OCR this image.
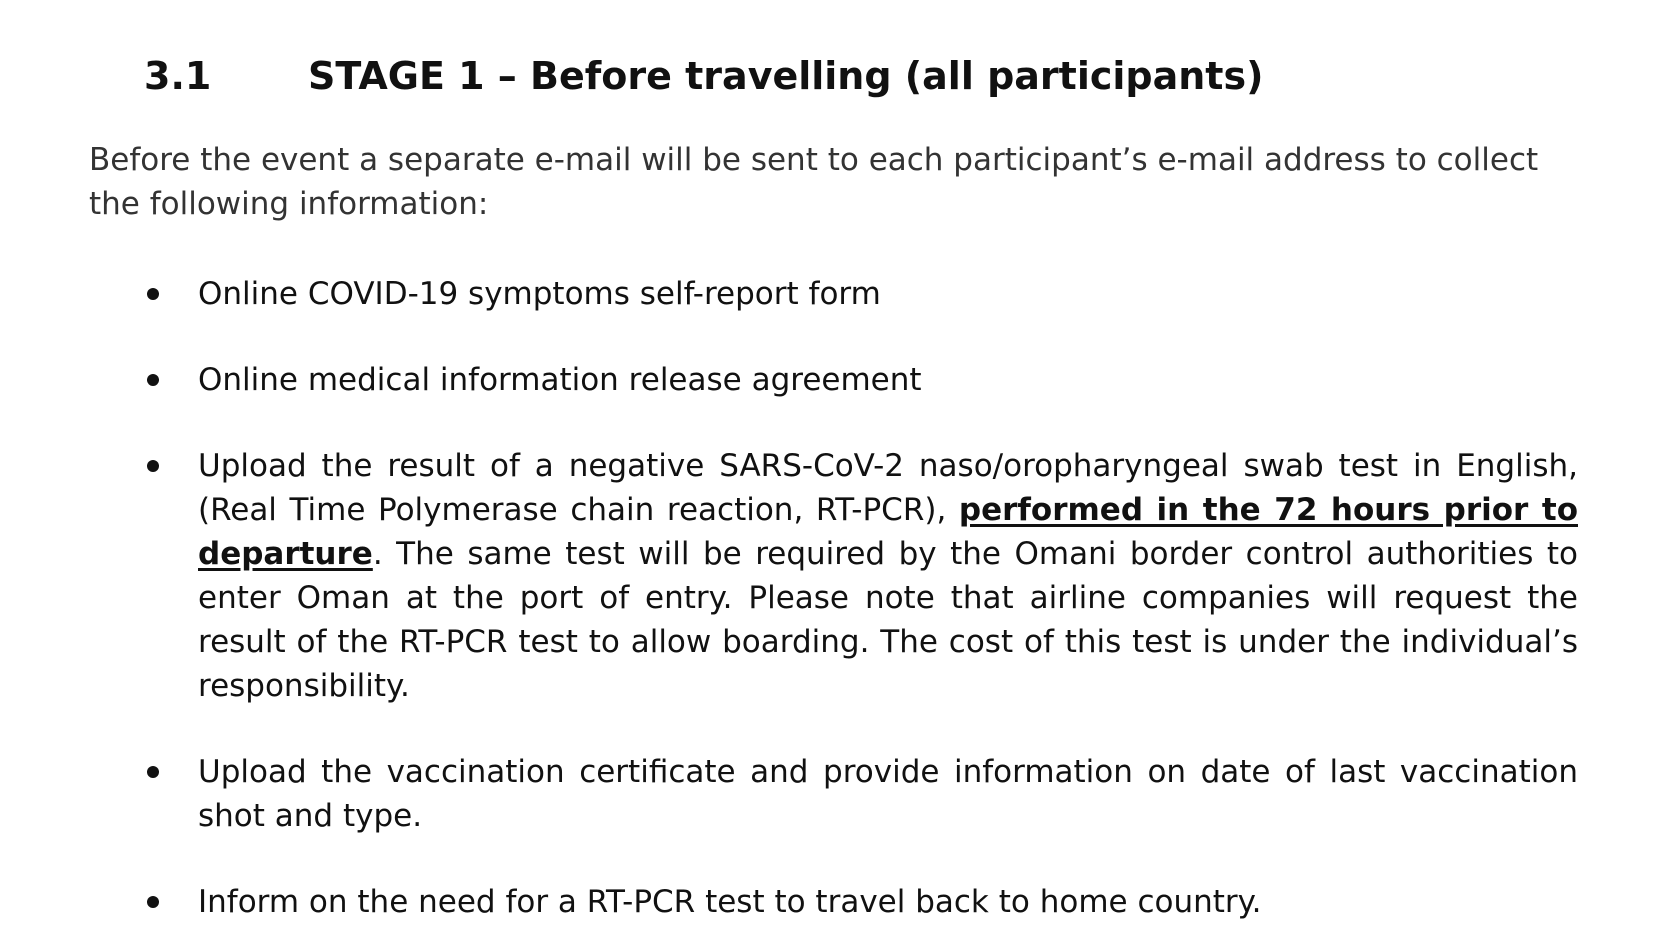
3.1	STAGE 1 – Before travelling (all participants)

Before the event a separate e-mail will be sent to each participant’s e-mail address to collect the following information:

Online COVID-19 symptoms self-report form
Online medical information release agreement
Upload the result of a negative SARS-CoV-2 naso/oropharyngeal swab test in English, (Real Time Polymerase chain reaction, RT-PCR), performed in the 72 hours prior to departure. The same test will be required by the Omani border control authorities to enter Oman at the port of entry. Please note that airline companies will request the result of the RT-PCR test to allow boarding. The cost of this test is under the individual’s responsibility.
Upload the vaccination certificate and provide information on date of last vaccination shot and type.
Inform on the need for a RT-PCR test to travel back to home country.
